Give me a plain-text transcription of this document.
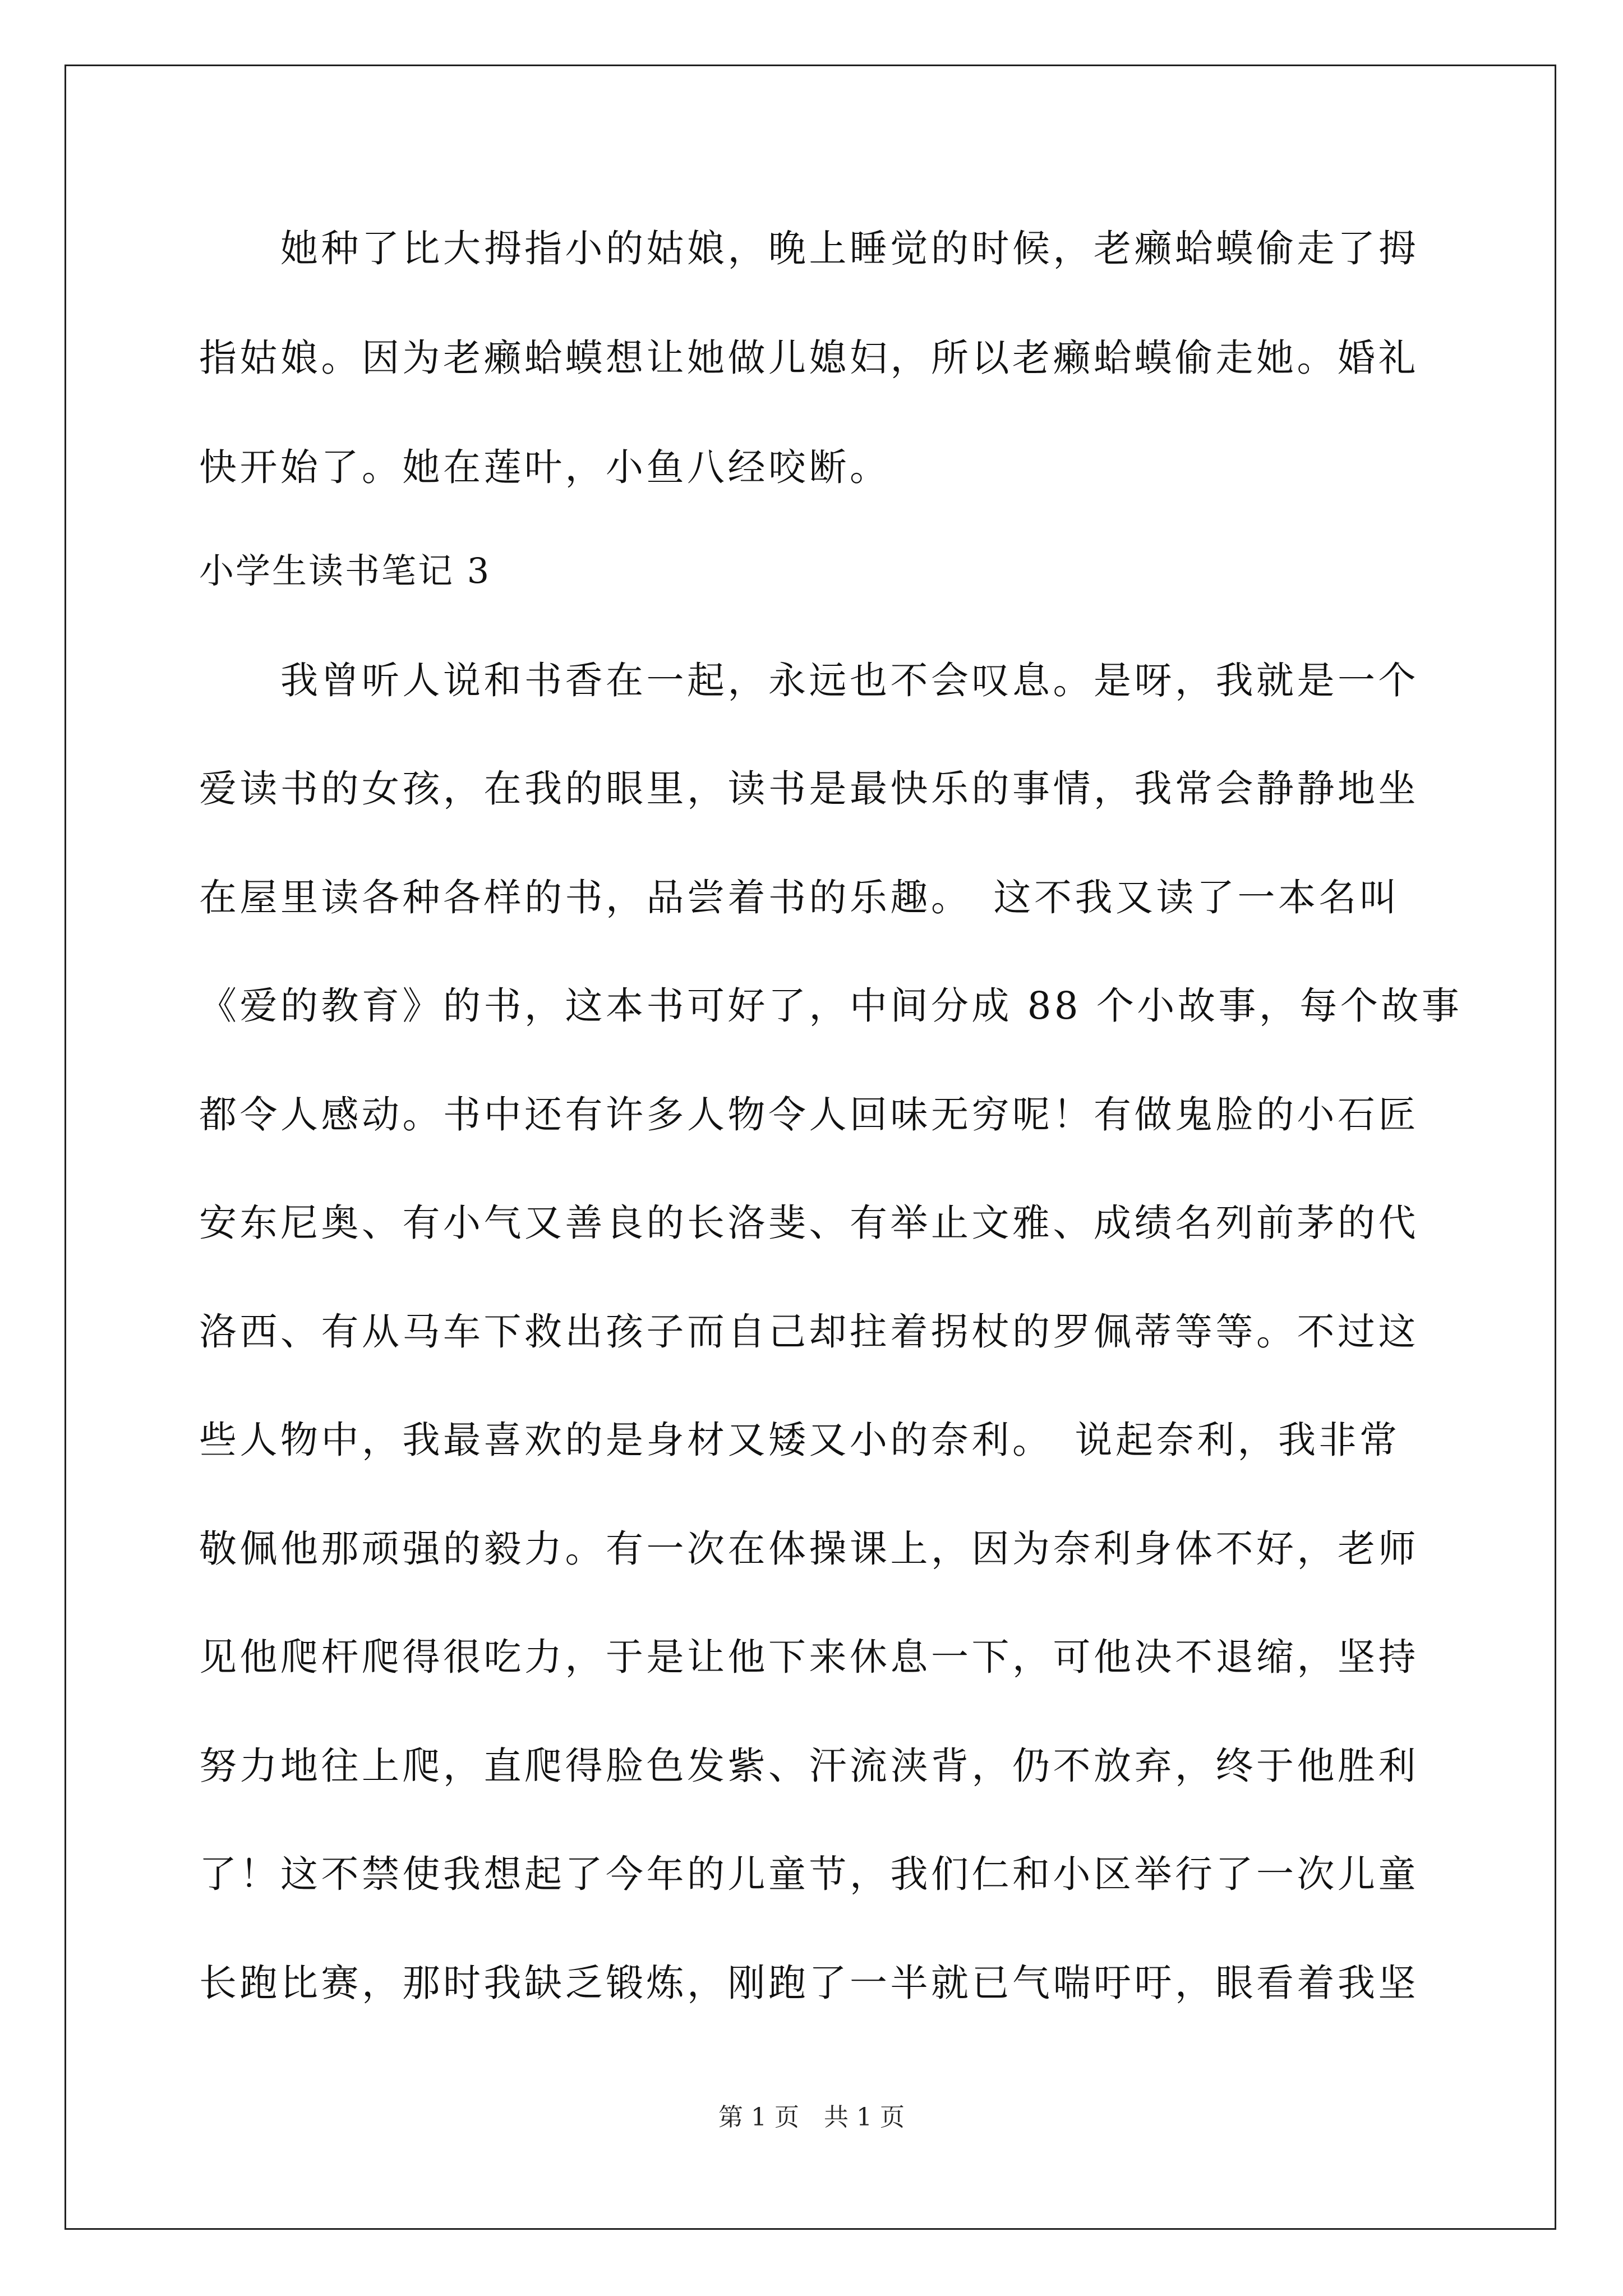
她种了比大拇指小的姑娘，晚上睡觉的时候，老癞蛤蟆偷走了拇
指姑娘。因为老癞蛤蟆想让她做儿媳妇，所以老癞蛤蟆偷走她。婚礼
快开始了。她在莲叶，小鱼八经咬断。
小学生读书笔记 3
我曾听人说和书香在一起，永远也不会叹息。是呀，我就是一个
爱读书的女孩，在我的眼里，读书是最快乐的事情，我常会静静地坐
在屋里读各种各样的书，品尝着书的乐趣。　这不我又读了一本名叫
《爱的教育》的书，这本书可好了，中间分成 88 个小故事，每个故事
都令人感动。书中还有许多人物令人回味无穷呢！有做鬼脸的小石匠
安东尼奥、有小气又善良的长洛斐、有举止文雅、成绩名列前茅的代
洛西、有从马车下救出孩子而自己却拄着拐杖的罗佩蒂等等。不过这
些人物中，我最喜欢的是身材又矮又小的奈利。　说起奈利，我非常
敬佩他那顽强的毅力。有一次在体操课上，因为奈利身体不好，老师
见他爬杆爬得很吃力，于是让他下来休息一下，可他决不退缩，坚持
努力地往上爬，直爬得脸色发紫、汗流浃背，仍不放弃，终于他胜利
了！这不禁使我想起了今年的儿童节，我们仁和小区举行了一次儿童
长跑比赛，那时我缺乏锻炼，刚跑了一半就已气喘吁吁，眼看着我坚
第 1 页　共 1 页
